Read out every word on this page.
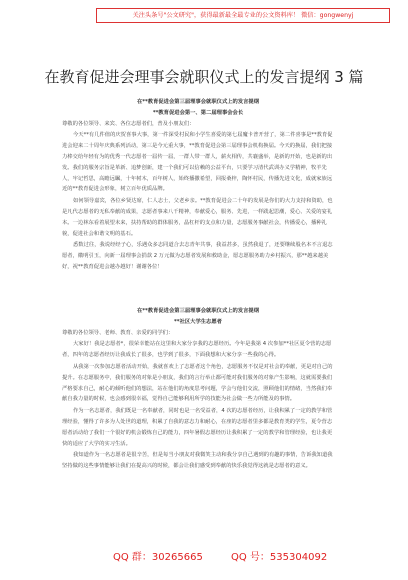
关注头条号"公文研究"，获得最新最全最专业的公文资料库！ 微信：gongwenyj
在教育促进会理事会就职仪式上的发言提纲 3 篇
在**教育促进会第三届理事会就职仪式上的发言提纲
**教育促进会第一、第二届理事会会长
尊敬的各位领导、来宾、各位志愿者们，普及小朋友们：
今天**有几件值的庆贺喜事大事，第一件深受村民和小学生喜爱的第七届魔卡普开营了，第二件喜事是**教育促进会迎来二十周年庆典系列活动，第三是今元重大事，**教育促进会第三届理事会机构换届。今天的换届，我们把接力棒交给年轻有为的优秀一代志愿者一届传一届，一群人带一群人，薪火相传，共襄盛举，是新的开始，也是新的出发。我们的服务宗旨是革新、追梦创新，建一个我们可以信赖的公益平台，只要学习清代武训办义学精神，牧羊先人，牢记哲思，高瞻远瞩，十年树木，百年树人，始终播撒希望，回报桑梓，陶怀村民，传播先进文化，成就家族远近的**教育促进会形象，树立百年优质品牌。
如何领导嘉宾，各位乡贤达席，仁人志士，父老乡亲。**教育促进会二十年的发展是你们的大力支持和资助，也是凡代志愿者的无私奉献的成果，志愿者事来八千精神，奉献爱心，服务、先进，一样践起思潮，爱心、关爱的宴礼本。一边林东看着展望未来，扶持帮助的群体服务，晶杠杆的支点和力量，志愿服务事献社会，传播爱心，播种礼貌，促进社会和谐文明的基石。
悉数过往，我说经经子心，乐遇众多志同道合去志青年共事，我益甚多，虽然我退了，还要继续股名本不言退志愿者，徽明引玉，向新一届理事会捐款 2 万元做为志愿者发展和救助金，愿志愿服务助力乡村振兴，那**越来越美好，祝**教育促进会越办越好！谢谢各位！
在**教育促进会第三届理事会就职仪式上的发言提纲
**社区大学生志愿者
尊敬的各位领导、老师、教育、亲爱的同学们：
大家好！我是志愿者*，很荣幸能站在这里和大家分享我的志愿经历。今年是我第 4 次参加**社区夏令营的志愿者，四年的志愿者经历让我成长了很多，也学到了很多，下面我想和大家分享一些我的心得。
从我第一次参加志愿者活动开始，我就喜欢上了志愿者这个角色，志愿服务不仅是对社会的奉献，更是对自己的提升。在志愿服务中，我们服务的对象是小朋友，我们的言行举止都可能对我们服务的对象产生影响，这就需要我们严格要求自己，耐心的倾听他们的想法，站在他们的角度思考问题，学会与他们交流，照顾他们的情绪，当然我们奉献自我力量的时候，也会感到很幸福，觉得自己能够利用所学的技能为社会做一些力所能及的事情。
作为一名志愿者，我们既是一名奉献者，同时也是一名受益者，4 次的志愿者经历，让我积累了一定的教学和管理经验，懂得了许多为人处世的道理，积累了自我的意志力和耐心，在座的志愿者里多都是教育类的学生，夏令营志愿者活动给了我们一个很好的机会锻炼自己的能力，四年暑假志愿经历让我积累了一定的教学和管理经验，也让我更快的适应了大学的实习生活。
我知道作为一名志愿者是很辛苦，但是每当小朋友对我微笑主动和我分享自己遇到的有趣的事情，告诉我知道我坚持做的这些事情能够让我们在提高兴的时候，都会让我们感受到奉献的快乐我觉得这就是志愿者的意义。
QQ 群：30265665	QQ 号：535304092
